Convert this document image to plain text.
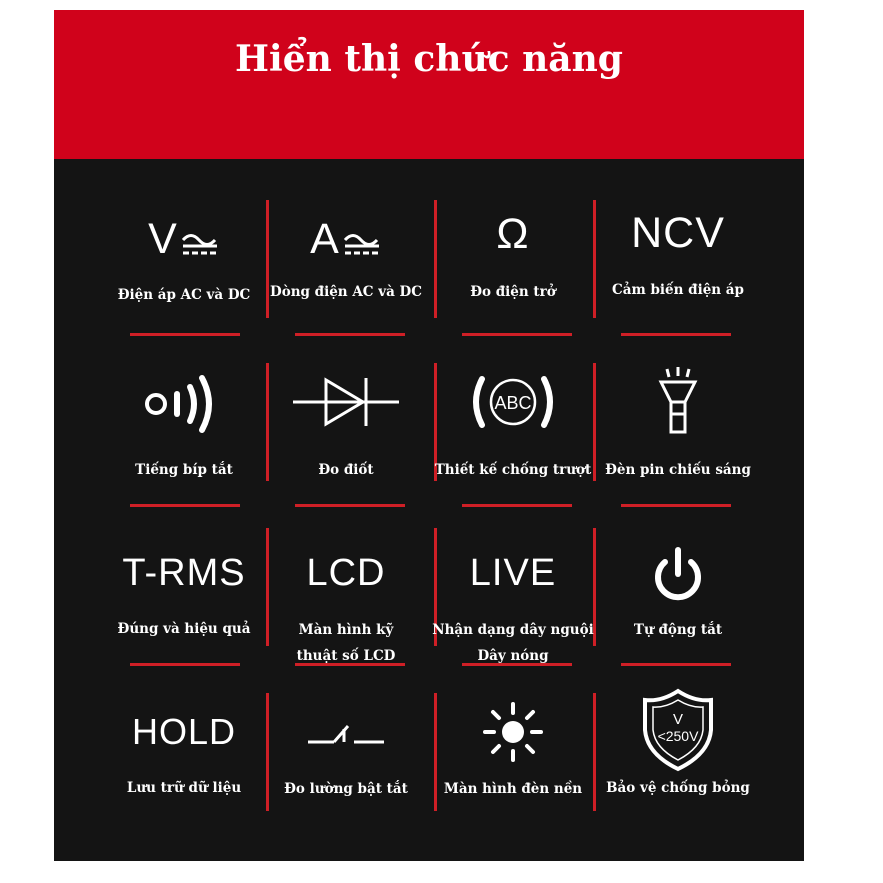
Hiển thị chức năng
V
Điện áp AC và DC
A
Dòng điện AC và DC
Ω
Đo điện trở
NCV
Cảm biến điện áp
Tiếng bíp tắt	Đo điốt
ABC
Thiết kế chống trượt	Đèn pin chiếu sáng
T-RMS
Đúng và hiệu quả
LCD
Màn hình kỹ
thuật số LCD
LIVE
Nhận dạng dây nguội
Dây nóng
Tự động tắt
HOLD
Lưu trữ dữ liệu	Đo lường bật tắt	Màn hình đèn nền
V
<250V
Bảo vệ chống bỏng
